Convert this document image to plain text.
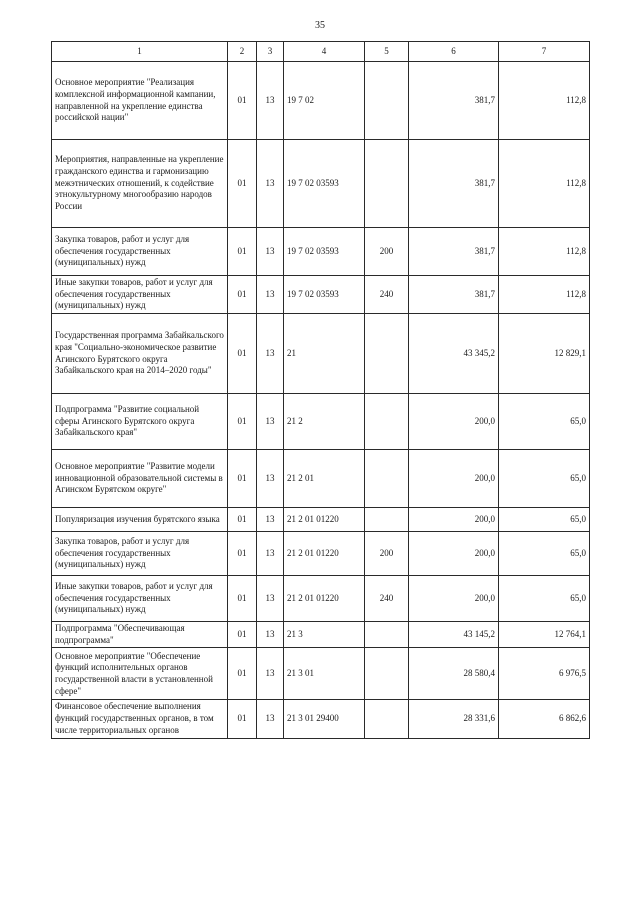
35
1	2	3	4	5	6	7
Основное мероприятие "Реализация комплексной информационной кампании, направленной на укрепление единства российской нации"	01	13	19 7 02		381,7	112,8
Мероприятия, направленные на укрепление гражданского единства и гармонизацию межэтнических отношений, к содействие этнокультурному многообразию народов России	01	13	19 7 02 03593		381,7	112,8
Закупка товаров, работ и услуг для обеспечения государственных (муниципальных) нужд	01	13	19 7 02 03593	200	381,7	112,8
Иные закупки товаров, работ и услуг для обеспечения государственных (муниципальных) нужд	01	13	19 7 02 03593	240	381,7	112,8
Государственная программа Забайкальского края "Социально-экономическое развитие Агинского Бурятского округа Забайкальского края на 2014–2020 годы"	01	13	21		43 345,2	12 829,1
Подпрограмма "Развитие социальной сферы Агинского Бурятского округа Забайкальского края"	01	13	21 2		200,0	65,0
Основное мероприятие "Развитие модели инновационной образовательной системы в Агинском Бурятском округе"	01	13	21 2 01		200,0	65,0
Популяризация изучения бурятского языка	01	13	21 2 01 01220		200,0	65,0
Закупка товаров, работ и услуг для обеспечения государственных (муниципальных) нужд	01	13	21 2 01 01220	200	200,0	65,0
Иные закупки товаров, работ и услуг для обеспечения государственных (муниципальных) нужд	01	13	21 2 01 01220	240	200,0	65,0
Подпрограмма "Обеспечивающая подпрограмма"	01	13	21 3		43 145,2	12 764,1
Основное мероприятие "Обеспечение функций исполнительных органов государственной власти в установленной сфере"	01	13	21 3 01		28 580,4	6 976,5
Финансовое обеспечение выполнения функций государственных органов, в том числе территориальных органов	01	13	21 3 01 29400		28 331,6	6 862,6
